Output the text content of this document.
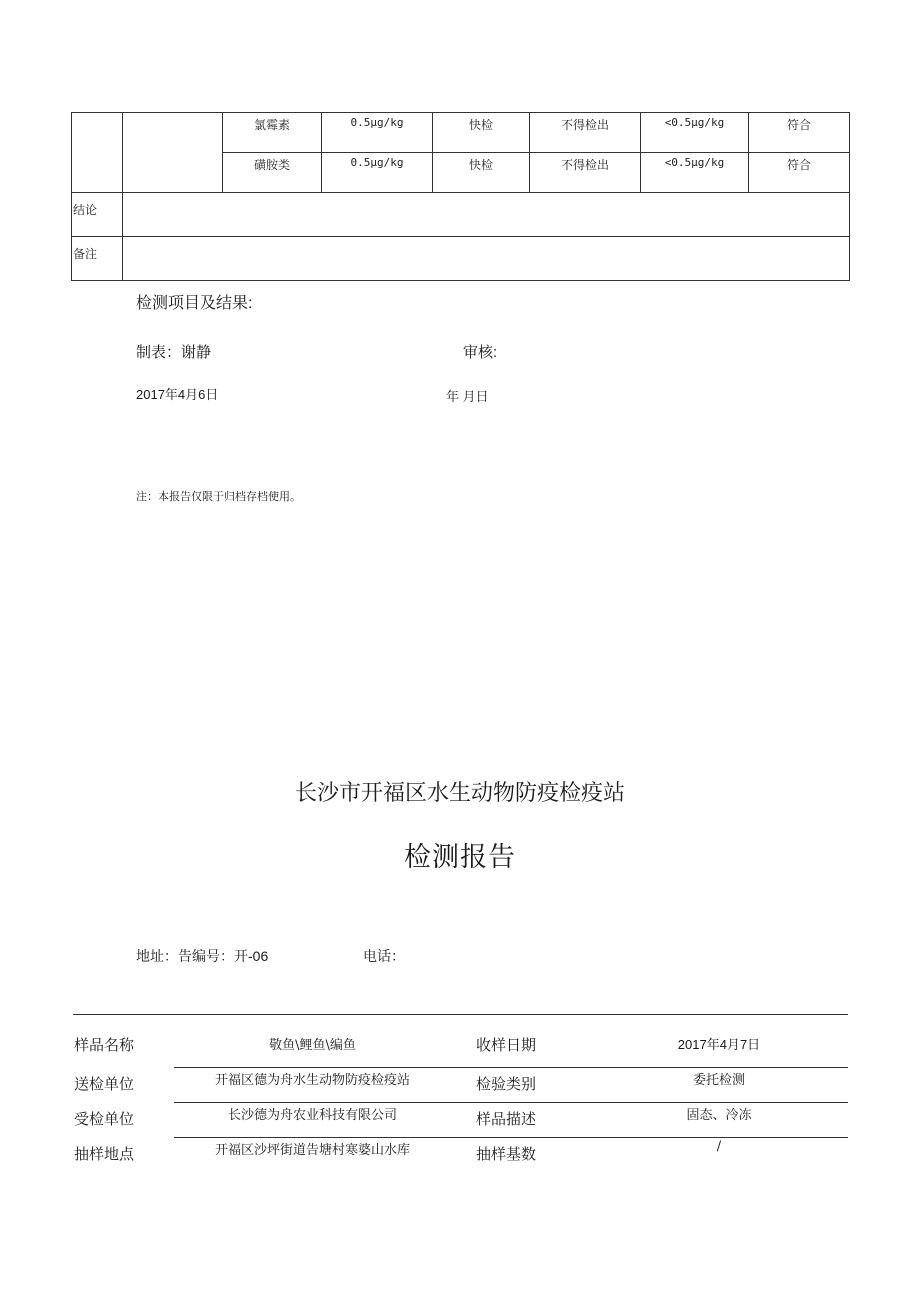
		氯霉素	0.5μg/kg	快检	不得检出	<0.5μg/kg	符合

		磺胺类	0.5μg/kg	快检	不得检出	<0.5μg/kg	符合

结论							

备注							

检测项目及结果:
制表：谢静	审核:
2017年4月6日	年 月日
注：本报告仅限于归档存档使用。
长沙市开福区水生动物防疫检疫站
检测报告
地址：告编号：开-06	电话：
样品名称	敬鱼\鲤鱼\编鱼	收样日期	2017年4月7日
送检单位	开福区德为舟水生动物防疫检疫站	检验类别	委托检测
受检单位	长沙德为舟农业科技有限公司	样品描述	固态、冷冻
抽样地点	开福区沙坪街道告塘村寒婆山水库	抽样基数	/
